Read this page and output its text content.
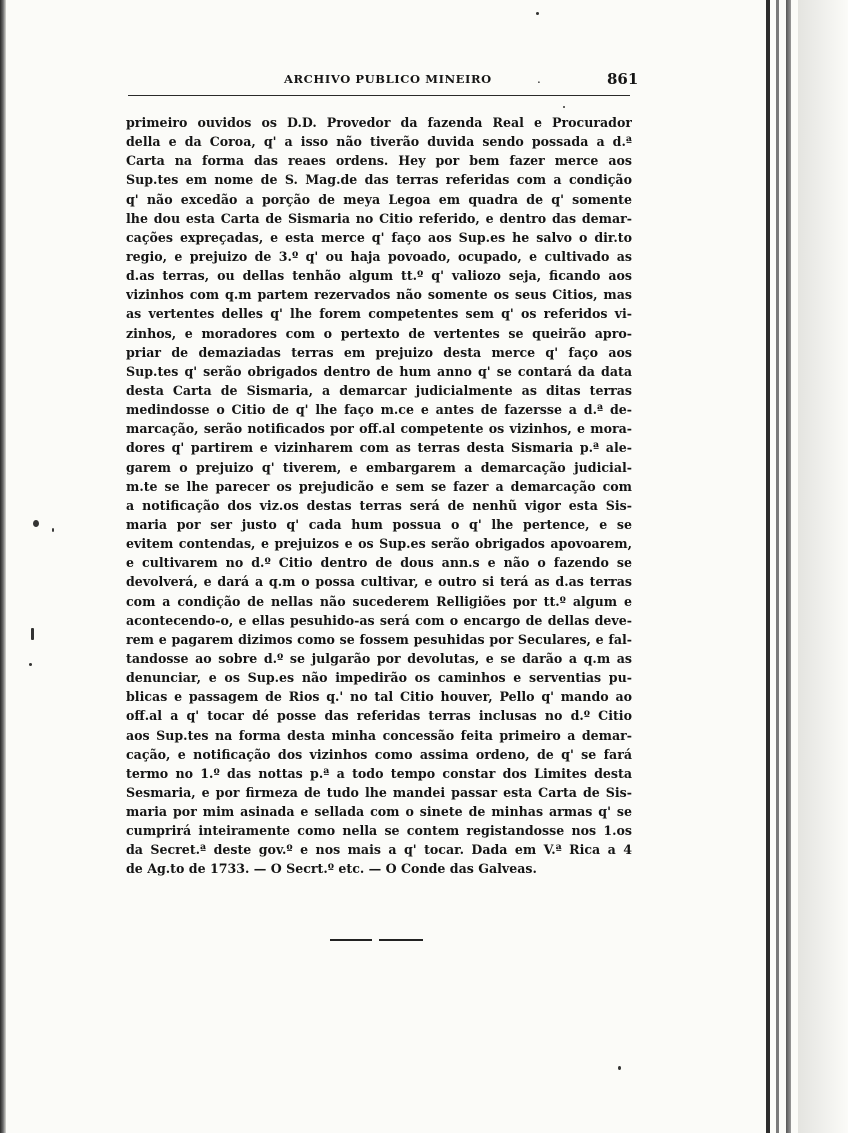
ARCHIVO PUBLICO MINEIRO	.	861
primeiro ouvidos os D.D. Provedor da fazenda Real e Procurador
della e da Coroa, q' a isso não tiverão duvida sendo possada a d.ª
Carta na forma das reaes ordens. Hey por bem fazer merce aos
Sup.tes em nome de S. Mag.de das terras referidas com a condição
q' não excedão a porção de meya Legoa em quadra de q' somente
lhe dou esta Carta de Sismaria no Citio referido, e dentro das demar-
cações expreçadas, e esta merce q' faço aos Sup.es he salvo o dir.to
regio, e prejuizo de 3.º q' ou haja povoado, ocupado, e cultivado as
d.as terras, ou dellas tenhão algum tt.º q' valiozo seja, ficando aos
vizinhos com q.m partem rezervados não somente os seus Citios, mas
as vertentes delles q' lhe forem competentes sem q' os referidos vi-
zinhos, e moradores com o pertexto de vertentes se queirão apro-
priar de demaziadas terras em prejuizo desta merce q' faço aos
Sup.tes q' serão obrigados dentro de hum anno q' se contará da data
desta Carta de Sismaria, a demarcar judicialmente as ditas terras
medindosse o Citio de q' lhe faço m.ce e antes de fazersse a d.ª de-
marcação, serão notificados por off.al competente os vizinhos, e mora-
dores q' partirem e vizinharem com as terras desta Sismaria p.ª ale-
garem o prejuizo q' tiverem, e embargarem a demarcação judicial-
m.te se lhe parecer os prejudicão e sem se fazer a demarcação com
a notificação dos viz.os destas terras será de nenhũ vigor esta Sis-
maria por ser justo q' cada hum possua o q' lhe pertence, e se
evitem contendas, e prejuizos e os Sup.es serão obrigados apovoarem,
e cultivarem no d.º Citio dentro de dous ann.s e não o fazendo se
devolverá, e dará a q.m o possa cultivar, e outro si terá as d.as terras
com a condição de nellas não sucederem Relligiões por tt.º algum e
acontecendo-o, e ellas pesuhido-as será com o encargo de dellas deve-
rem e pagarem dizimos como se fossem pesuhidas por Seculares, e fal-
tandosse ao sobre d.º se julgarão por devolutas, e se darão a q.m as
denunciar, e os Sup.es não impedirão os caminhos e serventias pu-
blicas e passagem de Rios q.' no tal Citio houver, Pello q' mando ao
off.al a q' tocar dé posse das referidas terras inclusas no d.º Citio
aos Sup.tes na forma desta minha concessão feita primeiro a demar-
cação, e notificação dos vizinhos como assima ordeno, de q' se fará
termo no 1.º das nottas p.ª a todo tempo constar dos Limites desta
Sesmaria, e por firmeza de tudo lhe mandei passar esta Carta de Sis-
maria por mim asinada e sellada com o sinete de minhas armas q' se
cumprirá inteiramente como nella se contem registandosse nos 1.os
da Secret.ª deste gov.º e nos mais a q' tocar. Dada em V.ª Rica a 4
de Ag.to de 1733. — O Secrt.º etc. — O Conde das Galveas.
